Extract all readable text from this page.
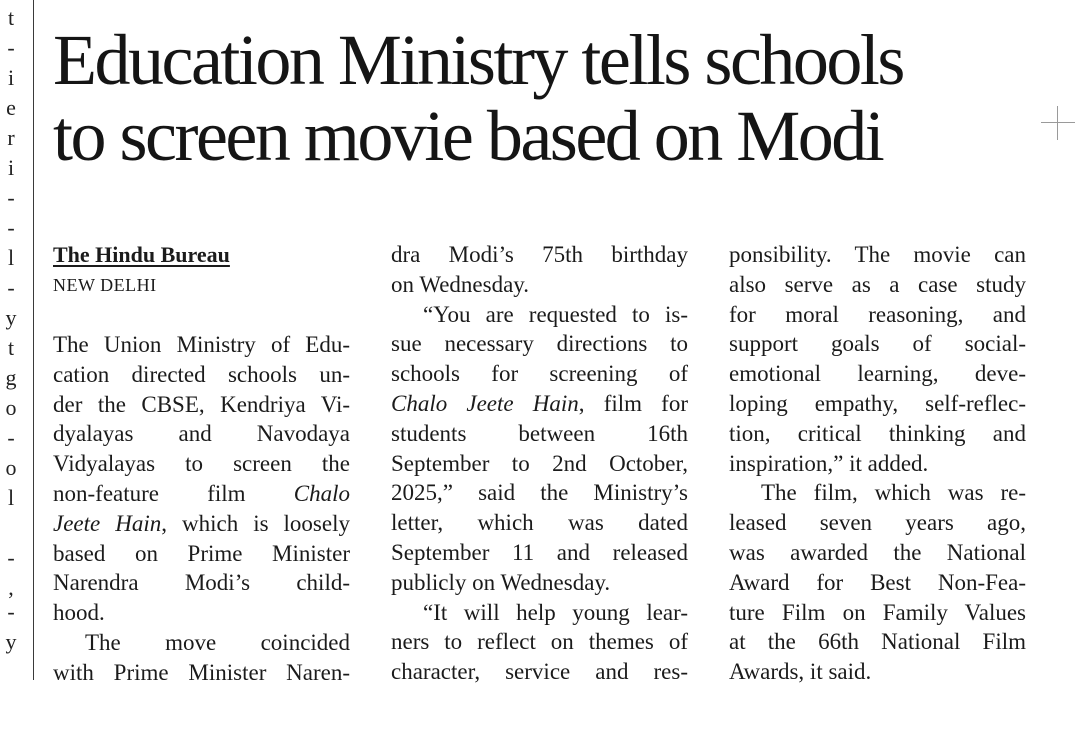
t
-
i
e
r
i
-
-
l
-
y
t
g
o
-
o
l
-
,
-
y
Education Ministry tells schools
to screen movie based on Modi
The Hindu Bureau
NEW DELHI
The Union Ministry of Edu-
cation directed schools un-
der the CBSE, Kendriya Vi-
dyalayas and Navodaya
Vidyalayas to screen the
non-feature film Chalo
Jeete Hain, which is loosely
based on Prime Minister
Narendra Modi’s child-
hood.
The move coincided
with Prime Minister Naren-
dra Modi’s 75th birthday
on Wednesday.
“You are requested to is-
sue necessary directions to
schools for screening of
Chalo Jeete Hain, film for
students between 16th
September to 2nd October,
2025,” said the Ministry’s
letter, which was dated
September 11 and released
publicly on Wednesday.
“It will help young lear-
ners to reflect on themes of
character, service and res-
ponsibility. The movie can
also serve as a case study
for moral reasoning, and
support goals of social-
emotional learning, deve-
loping empathy, self-reflec-
tion, critical thinking and
inspiration,” it added.
The film, which was re-
leased seven years ago,
was awarded the National
Award for Best Non-Fea-
ture Film on Family Values
at the 66th National Film
Awards, it said.
